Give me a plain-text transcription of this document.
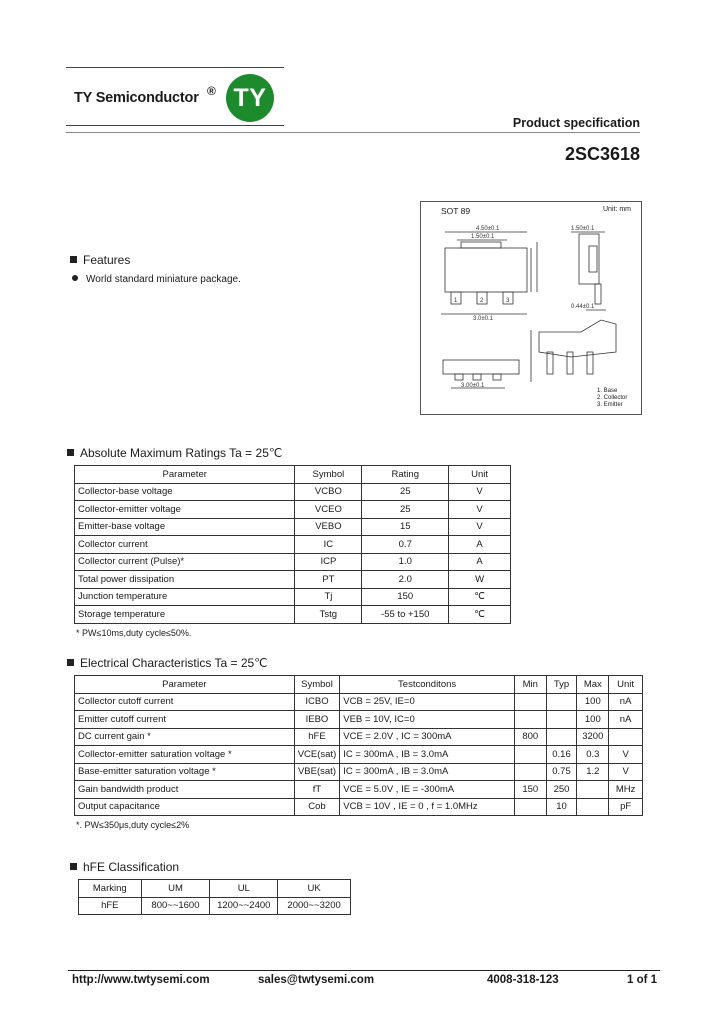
TY Semiconductor ® TY
Product specification
2SC3618
SOT 89	Unit: mm
4.50±0.1
1.50±0.1
1	2	3
3.0±0.1
3.00±0.1
1.50±0.1
0.44±0.1
1. Base
2. Collector
3. Emitter
Features
World standard miniature package.
Absolute Maximum Ratings Ta = 25℃
Parameter	Symbol	Rating	Unit
Collector-base voltage	VCBO	25	V
Collector-emitter voltage	VCEO	25	V
Emitter-base voltage	VEBO	15	V
Collector current	IC	0.7	A
Collector current (Pulse)*	ICP	1.0	A
Total power dissipation	PT	2.0	W
Junction temperature	Tj	150	℃
Storage temperature	Tstg	-55 to +150	℃
* PW≤10ms,duty cycle≤50%.
Electrical Characteristics Ta = 25℃
Parameter	Symbol	Testconditons	Min	Typ	Max	Unit
Collector cutoff current	ICBO	VCB = 25V, IE=0			100	nA
Emitter cutoff current	IEBO	VEB = 10V, IC=0			100	nA
DC current gain *	hFE	VCE = 2.0V , IC = 300mA	800		3200	
Collector-emitter saturation voltage *	VCE(sat)	IC = 300mA , IB = 3.0mA		0.16	0.3	V
Base-emitter saturation voltage *	VBE(sat)	IC = 300mA , IB = 3.0mA		0.75	1.2	V
Gain bandwidth product	fT	VCE = 5.0V , IE = -300mA	150	250		MHz
Output capacitance	Cob	VCB = 10V , IE = 0 , f = 1.0MHz		10		pF
*. PW≤350μs,duty cycle≤2%
hFE Classification
Marking	UM	UL	UK
hFE	800~~1600	1200~~2400	2000~~3200
http://www.twtysemi.com	sales@twtysemi.com	4008-318-123	1 of 1
